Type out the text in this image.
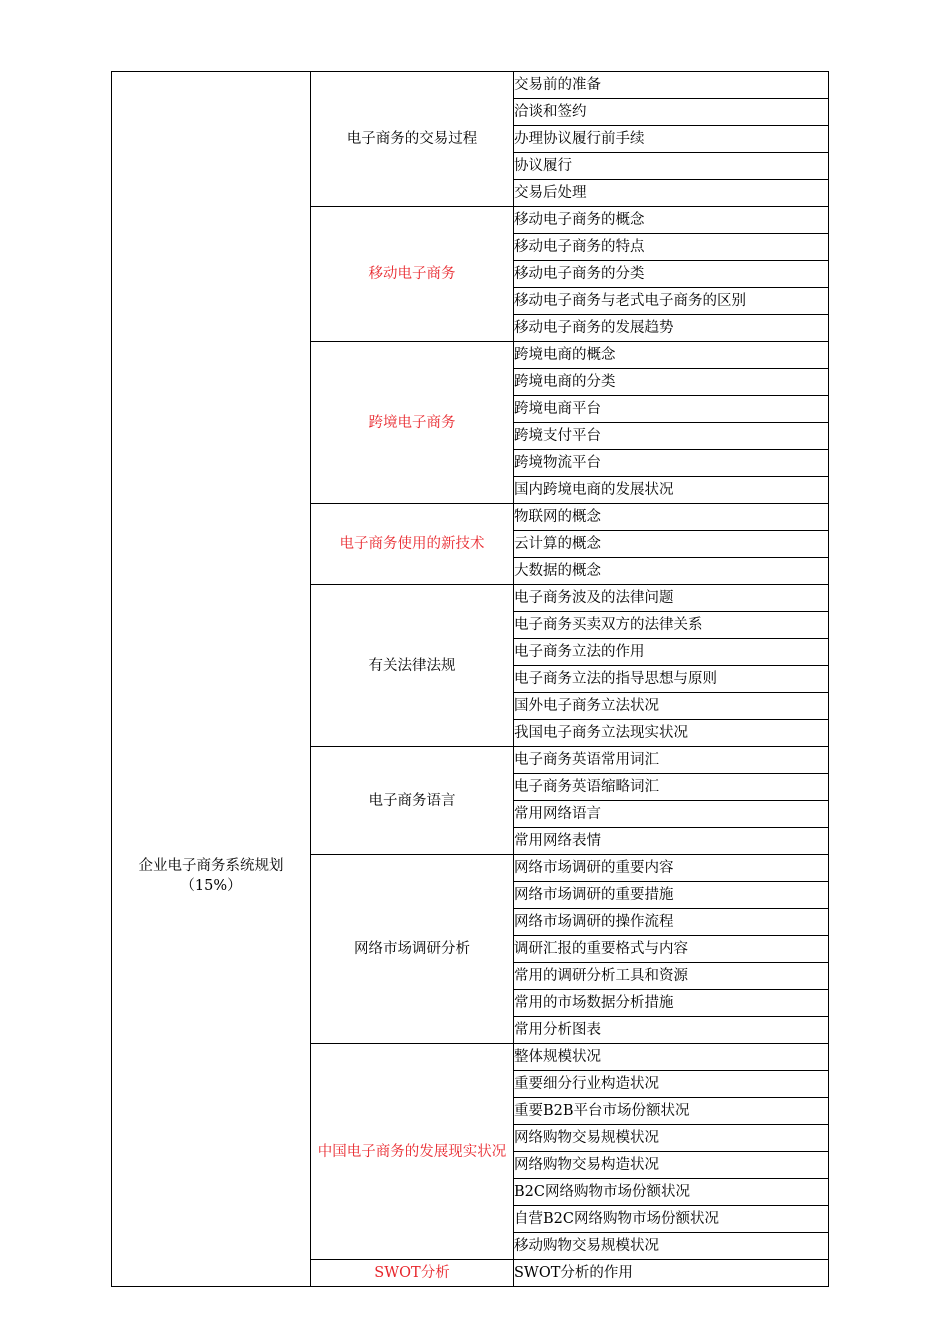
企业电子商务系统规划
（15%）	电子商务的交易过程	交易前的准备
		洽谈和签约
		办理协议履行前手续
		协议履行
		交易后处理
	移动电子商务	移动电子商务的概念
		移动电子商务的特点
		移动电子商务的分类
		移动电子商务与老式电子商务的区别
		移动电子商务的发展趋势
	跨境电子商务	跨境电商的概念
		跨境电商的分类
		跨境电商平台
		跨境支付平台
		跨境物流平台
		国内跨境电商的发展状况
	电子商务使用的新技术	物联网的概念
		云计算的概念
		大数据的概念
	有关法律法规	电子商务波及的法律问题
		电子商务买卖双方的法律关系
		电子商务立法的作用
		电子商务立法的指导思想与原则
		国外电子商务立法状况
		我国电子商务立法现实状况
	电子商务语言	电子商务英语常用词汇
		电子商务英语缩略词汇
		常用网络语言
		常用网络表情
	网络市场调研分析	网络市场调研的重要内容
		网络市场调研的重要措施
		网络市场调研的操作流程
		调研汇报的重要格式与内容
		常用的调研分析工具和资源
		常用的市场数据分析措施
		常用分析图表
	中国电子商务的发展现实状况	整体规模状况
		重要细分行业构造状况
		重要B2B平台市场份额状况
		网络购物交易规模状况
		网络购物交易构造状况
		B2C网络购物市场份额状况
		自营B2C网络购物市场份额状况
		移动购物交易规模状况
	SWOT分析	SWOT分析的作用
